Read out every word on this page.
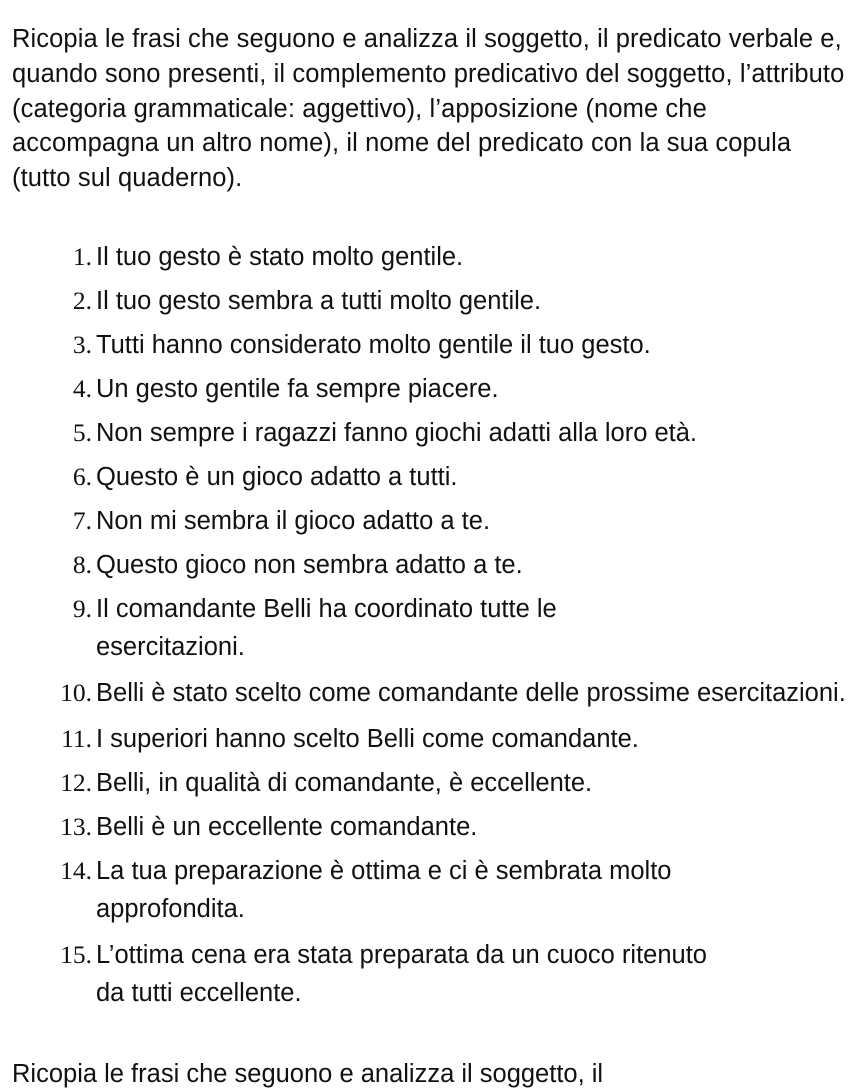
Ricopia le frasi che seguono e analizza il soggetto, il predicato verbale e, quando sono presenti, il complemento predicativo del soggetto, l’attributo (categoria grammaticale: aggettivo), l’apposizione (nome che accompagna un altro nome), il nome del predicato con la sua copula (tutto sul quaderno).

1. Il tuo gesto è stato molto gentile.
2. Il tuo gesto sembra a tutti molto gentile.
3. Tutti hanno considerato molto gentile il tuo gesto.
4. Un gesto gentile fa sempre piacere.
5. Non sempre i ragazzi fanno giochi adatti alla loro età.
6. Questo è un gioco adatto a tutti.
7. Non mi sembra il gioco adatto a te.
8. Questo gioco non sembra adatto a te.
9. Il comandante Belli ha coordinato tutte le esercitazioni.
10. Belli è stato scelto come comandante delle prossime esercitazioni.
11. I superiori hanno scelto Belli come comandante.
12. Belli, in qualità di comandante, è eccellente.
13. Belli è un eccellente comandante.
14. La tua preparazione è ottima e ci è sembrata molto approfondita.
15. L’ottima cena era stata preparata da un cuoco ritenuto da tutti eccellente.
Ricopia le frasi che seguono e analizza il soggetto, il
